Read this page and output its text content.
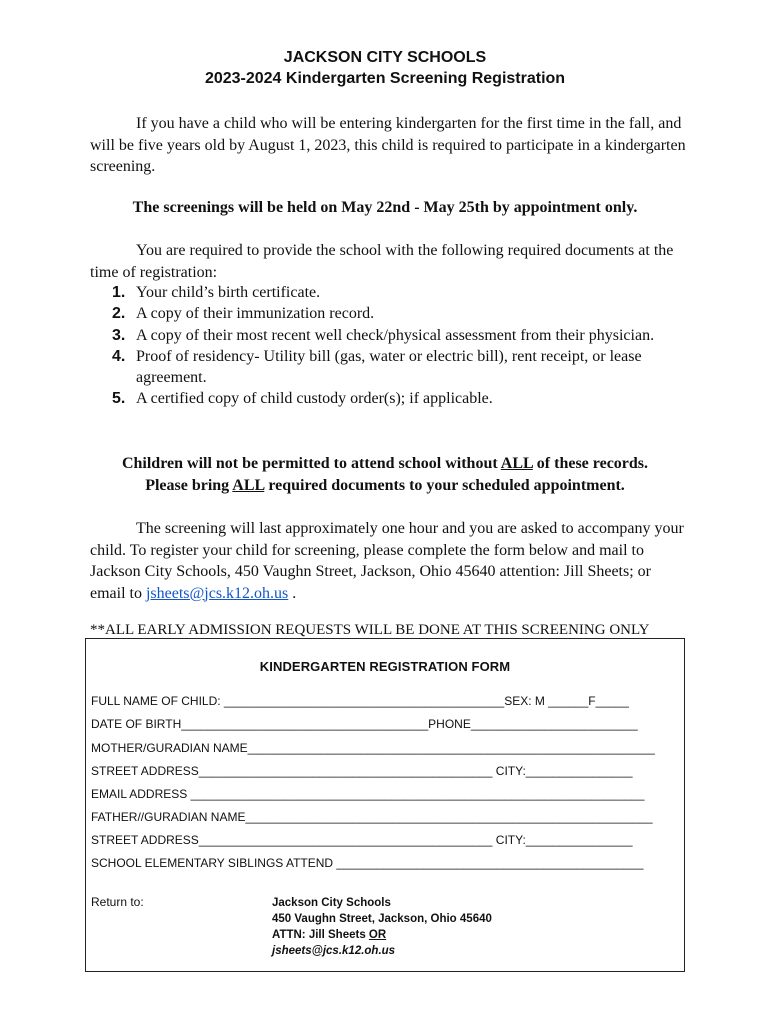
JACKSON CITY SCHOOLS
2023-2024 Kindergarten Screening Registration
If you have a child who will be entering kindergarten for the first time in the fall, and will be five years old by August 1, 2023, this child is required to participate in a kindergarten screening.
The screenings will be held on May 22nd - May 25th by appointment only.
You are required to provide the school with the following required documents at the time of registration:
1. Your child’s birth certificate.
2. A copy of their immunization record.
3. A copy of their most recent well check/physical assessment from their physician.
4. Proof of residency- Utility bill (gas, water or electric bill), rent receipt, or lease agreement.
5. A certified copy of child custody order(s); if applicable.
Children will not be permitted to attend school without ALL of these records.
Please bring ALL required documents to your scheduled appointment.
The screening will last approximately one hour and you are asked to accompany your child. To register your child for screening, please complete the form below and mail to Jackson City Schools, 450 Vaughn Street, Jackson, Ohio 45640 attention: Jill Sheets; or email to jsheets@jcs.k12.oh.us .
**ALL EARLY ADMISSION REQUESTS WILL BE DONE AT THIS SCREENING ONLY
KINDERGARTEN REGISTRATION FORM
FULL NAME OF CHILD: __________________________________________SEX: M ______F_____
DATE OF BIRTH_____________________________________PHONE_________________________
MOTHER/GURADIAN NAME_____________________________________________________________
STREET ADDRESS____________________________________________ CITY:________________
EMAIL ADDRESS ____________________________________________________________________
FATHER//GURADIAN NAME_____________________________________________________________
STREET ADDRESS____________________________________________ CITY:________________
SCHOOL ELEMENTARY SIBLINGS ATTEND ______________________________________________
Return to:	Jackson City Schools
450 Vaughn Street, Jackson, Ohio 45640
ATTN: Jill Sheets OR
jsheets@jcs.k12.oh.us
